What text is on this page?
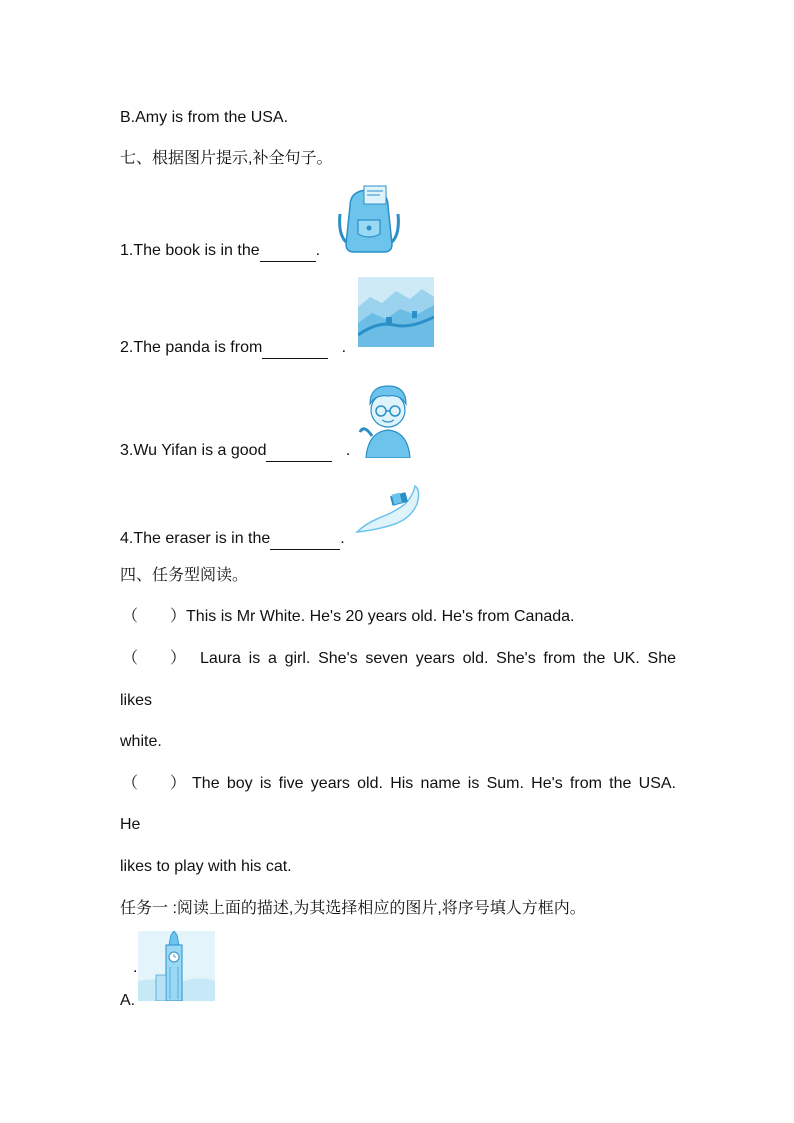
B.Amy is from the USA.
七、根据图片提示,补全句子。
1.The book is in the	.
2.The panda is from	.
3.Wu Yifan is a good	.
4.The eraser is in the	.
四、任务型阅读。
（　　）This is Mr White. He's 20 years old. He's from Canada.
（　　） Laura is a girl. She's seven years old. She's from the UK. She
likes
white.
（　　） The boy is five years old. His name is Sum. He's from the USA.
He
likes to play with his cat.
任务一 :阅读上面的描述,为其选择相应的图片,将序号填人方框内。
.
A.
